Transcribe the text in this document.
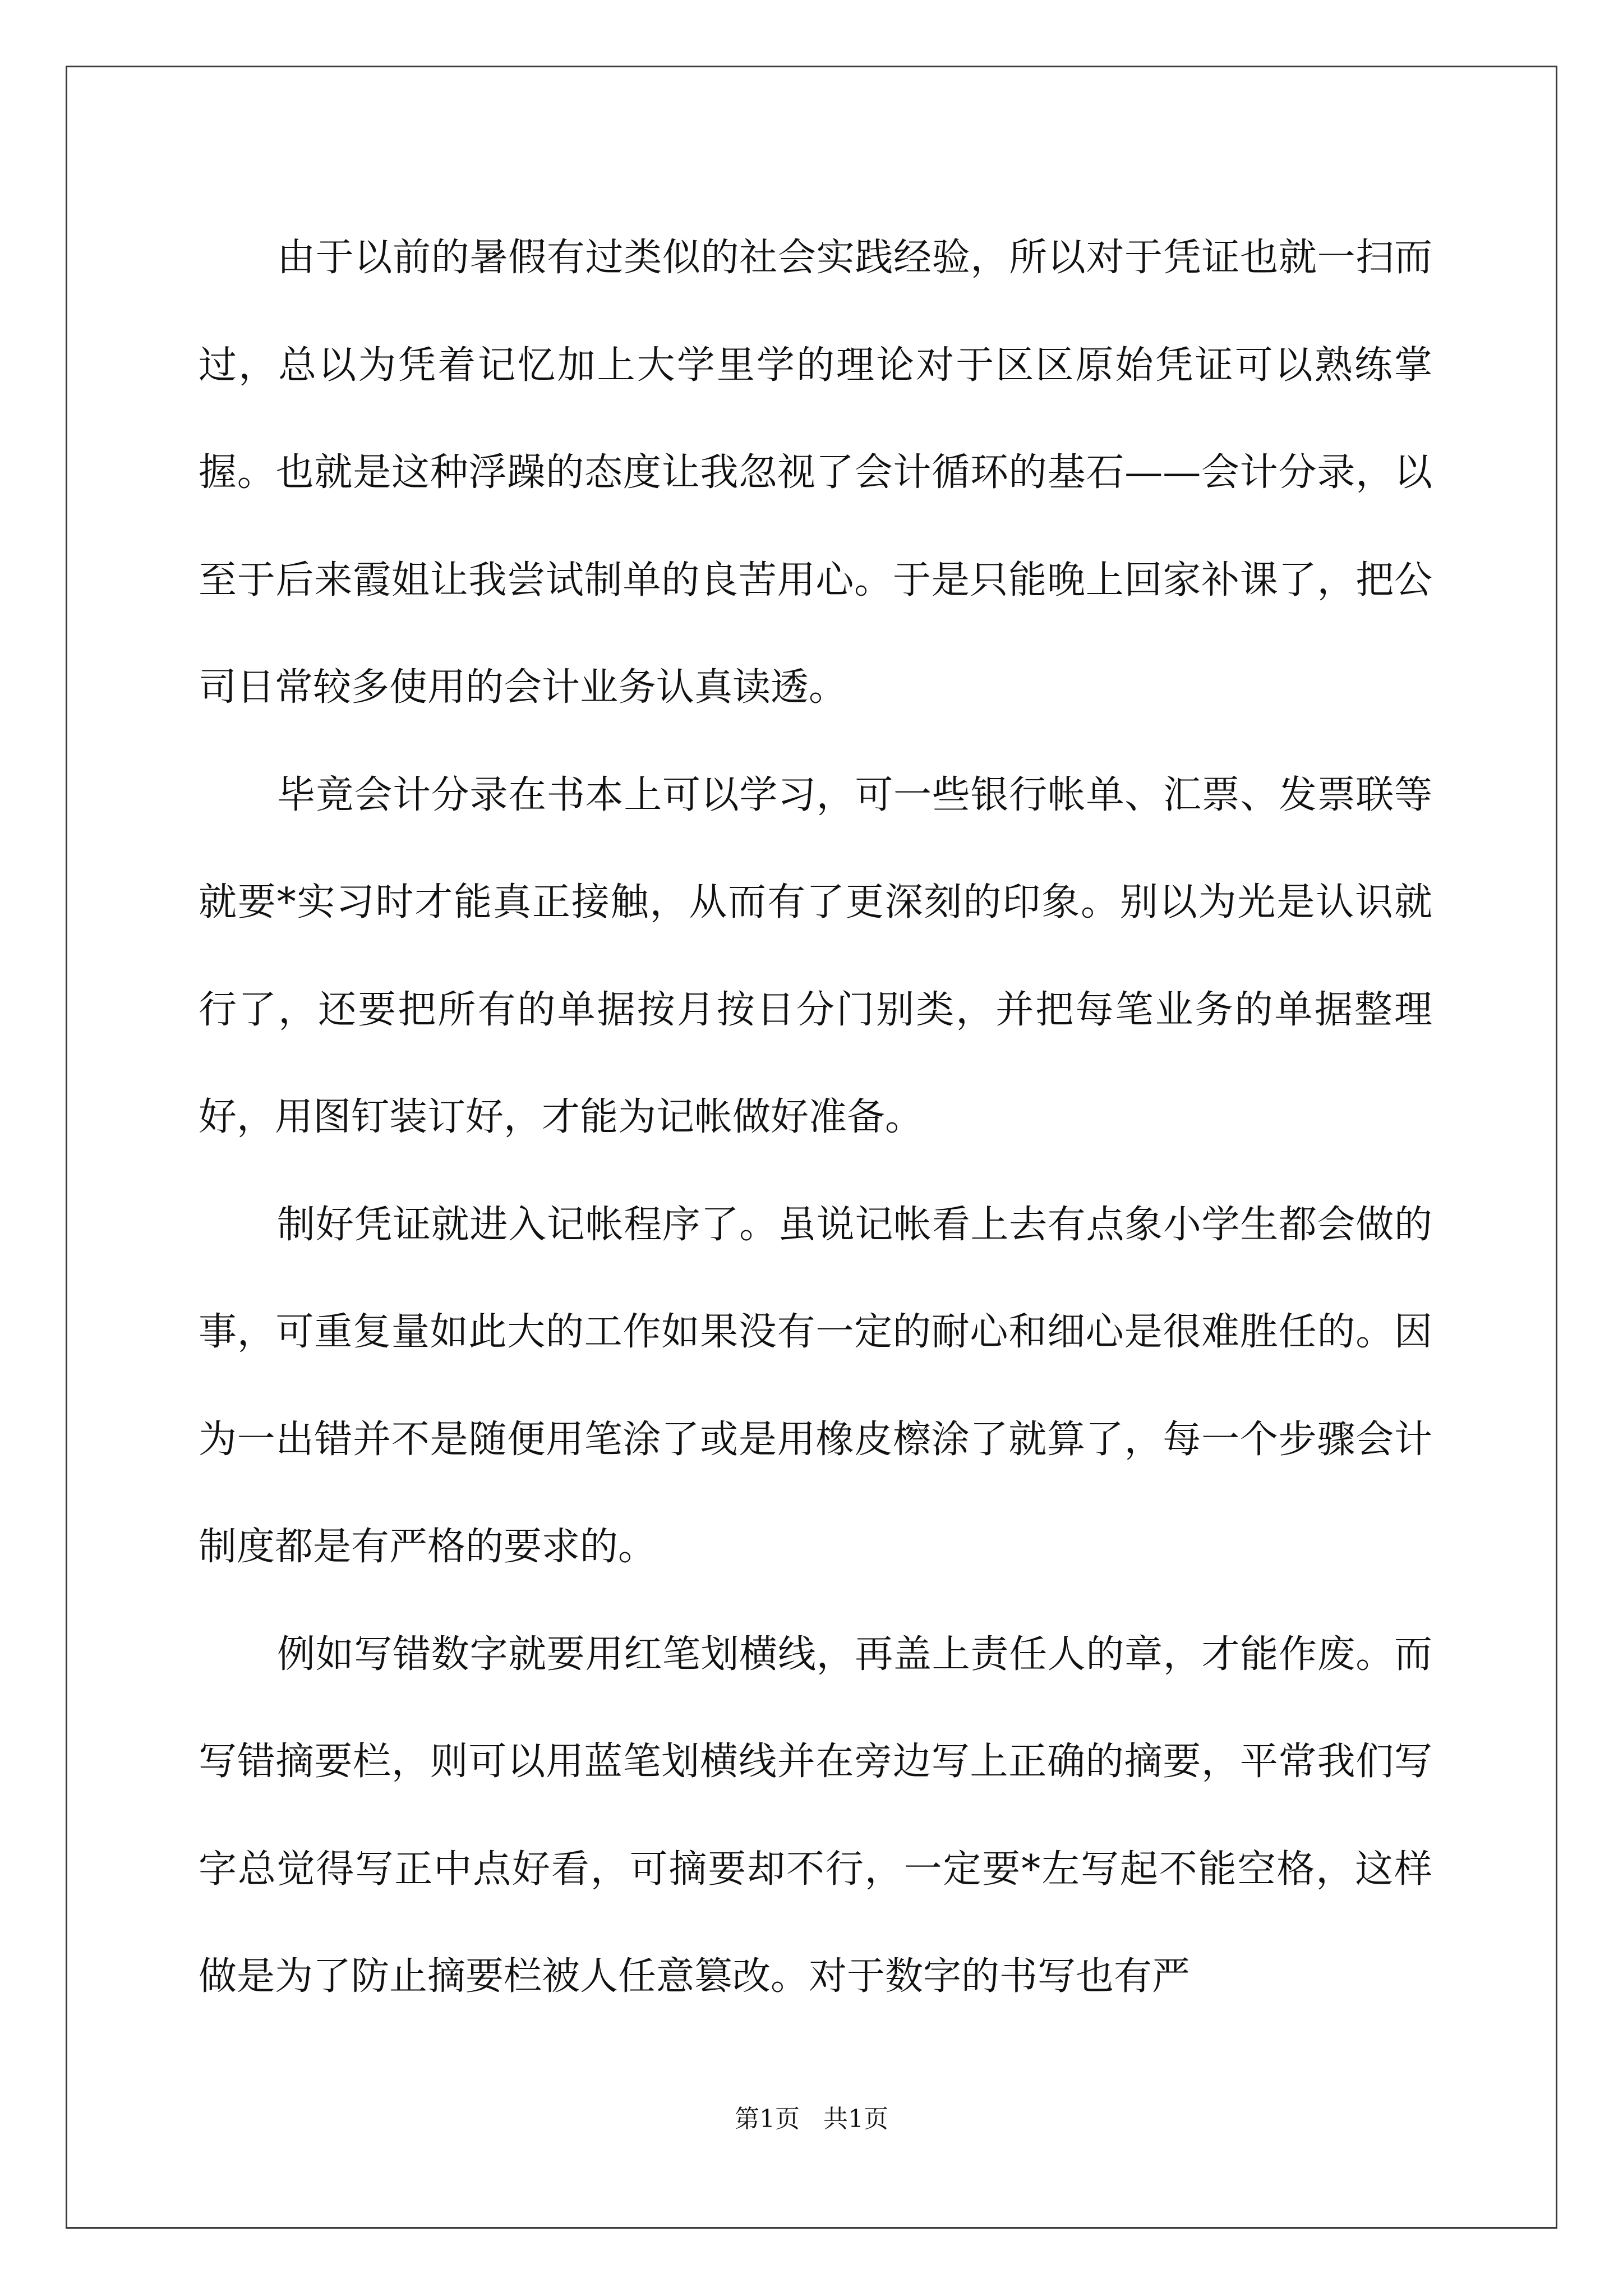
由于以前的暑假有过类似的社会实践经验，所以对于凭证也就一扫而过，总以为凭着记忆加上大学里学的理论对于区区原始凭证可以熟练掌握。也就是这种浮躁的态度让我忽视了会计循环的基石——会计分录，以至于后来霞姐让我尝试制单的良苦用心。于是只能晚上回家补课了，把公司日常较多使用的会计业务认真读透。

毕竟会计分录在书本上可以学习，可一些银行帐单、汇票、发票联等就要*实习时才能真正接触，从而有了更深刻的印象。别以为光是认识就行了，还要把所有的单据按月按日分门别类，并把每笔业务的单据整理好，用图钉装订好，才能为记帐做好准备。

制好凭证就进入记帐程序了。虽说记帐看上去有点象小学生都会做的事，可重复量如此大的工作如果没有一定的耐心和细心是很难胜任的。因为一出错并不是随便用笔涂了或是用橡皮檫涂了就算了，每一个步骤会计制度都是有严格的要求的。

例如写错数字就要用红笔划横线，再盖上责任人的章，才能作废。而写错摘要栏，则可以用蓝笔划横线并在旁边写上正确的摘要，平常我们写字总觉得写正中点好看，可摘要却不行，一定要*左写起不能空格，这样做是为了防止摘要栏被人任意篡改。对于数字的书写也有严

第1页   共1页
